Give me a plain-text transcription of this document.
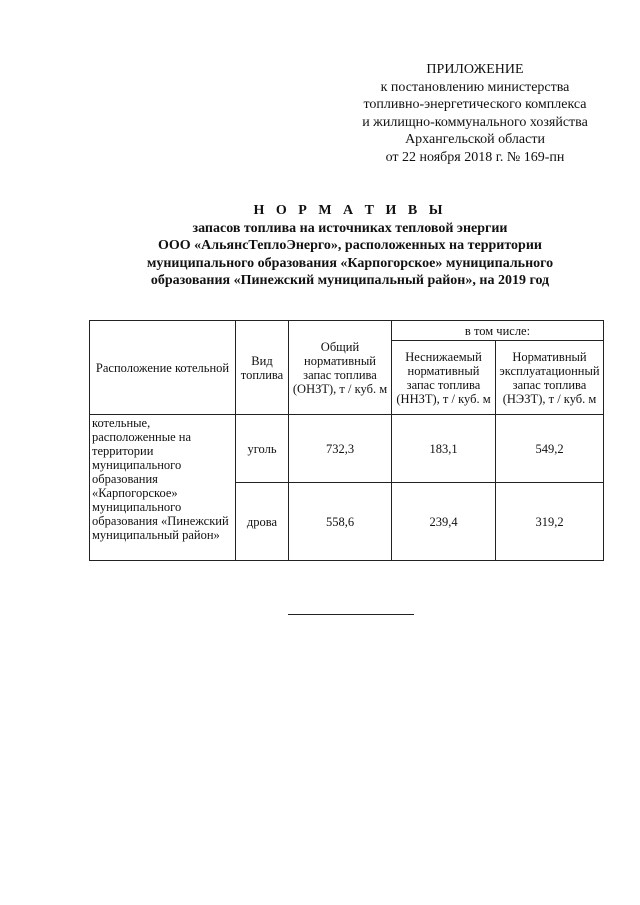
ПРИЛОЖЕНИЕ
к постановлению министерства
топливно-энергетического комплекса
и жилищно-коммунального хозяйства
Архангельской области
от 22 ноября 2018 г. № 169-пн
Н О Р М А Т И В Ы
запасов топлива на источниках тепловой энергии
ООО «АльянсТеплоЭнерго», расположенных на территории
муниципального образования «Карпогорское» муниципального
образования «Пинежский муниципальный район», на 2019 год
Расположение котельной	Вид топлива	Общий нормативный запас топлива (ОНЗТ), т / куб. м	в том числе:	
			Неснижаемый нормативный запас топлива (ННЗТ), т / куб. м	Нормативный эксплуатационный запас топлива (НЭЗТ), т / куб. м
котельные, расположенные на территории муниципального образования «Карпогорское» муниципального образования «Пинежский муниципальный район»	уголь	732,3	183,1	549,2
	дрова	558,6	239,4	319,2
